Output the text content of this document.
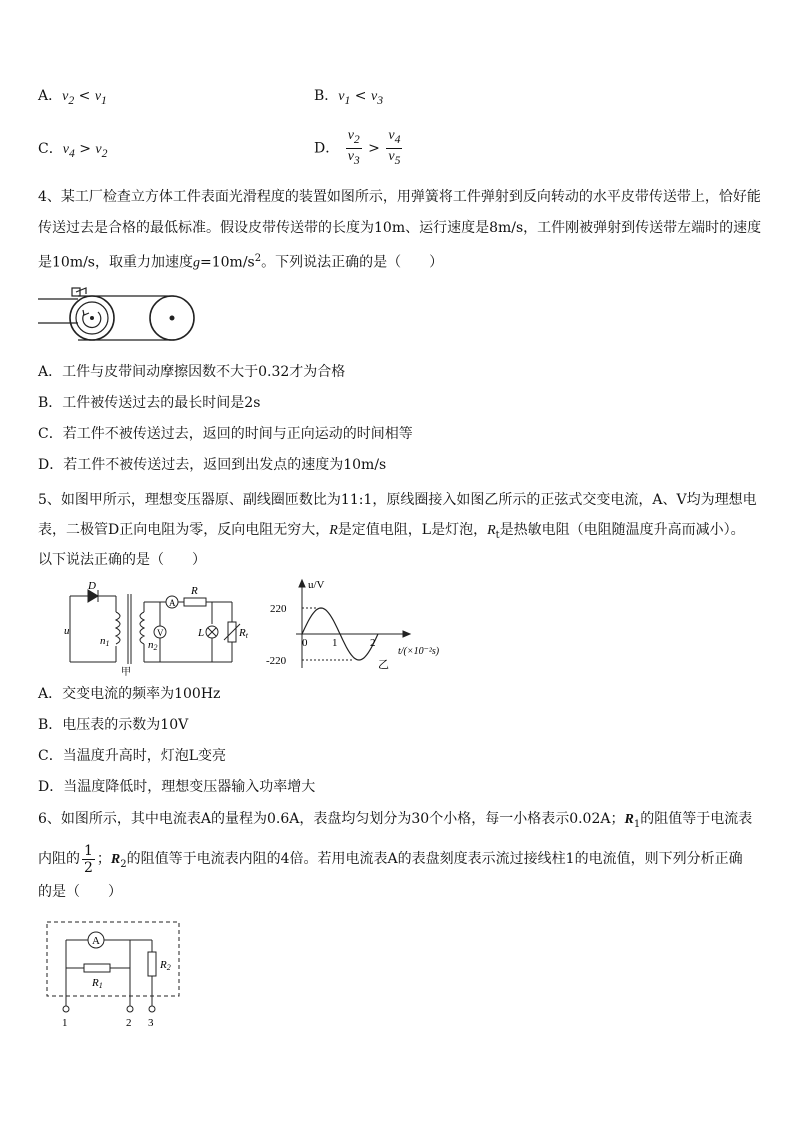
A．$v_2 < v_1$	B．$v_1 < v_3$
C．$v_4 > v_2$	D． $\frac{v_2}{v_3} > \frac{v_4}{v_5}$
4、某工厂检查立方体工件表面光滑程度的装置如图所示，用弹簧将工件弹射到反向转动的水平皮带传送带上，恰好能
传送过去是合格的最低标准。假设皮带传送带的长度为10m、运行速度是8m/s，工件刚被弹射到传送带左端时的速度
是10m/s，取重力加速度$g=10m/s^2$。下列说法正确的是（　　）
A．工件与皮带间动摩擦因数不大于0.32才为合格
B．工件被传送过去的最长时间是2s
C．若工件不被传送过去，返回的时间与正向运动的时间相等
D．若工件不被传送过去，返回到出发点的速度为10m/s
5、如图甲所示，理想变压器原、副线圈匝数比为11:1，原线圈接入如图乙所示的正弦式交变电流，A、V均为理想电
表，二极管D正向电阻为零，反向电阻无穷大，R是定值电阻，L是灯泡，$R_t$是热敏电阻（电阻随温度升高而减小）。
以下说法正确的是（　　）
D
u
n1	n2
A
R
V	L	Rt
甲
u/V
220
-220
0 1	2
t/(×10⁻²s)
乙
A．交变电流的频率为100Hz
B．电压表的示数为10V
C．当温度升高时，灯泡L变亮
D．当温度降低时，理想变压器输入功率增大
6、如图所示，其中电流表A的量程为0.6A，表盘均匀划分为30个小格，每一小格表示0.02A；$R_1$的阻值等于电流表
内阻的 $\frac{1}{2}$ ；$R_2$的阻值等于电流表内阻的4倍。若用电流表A的表盘刻度表示流过接线柱1的电流值，则下列分析正确
的是（　　）
A
R1
R2
1	2 3
